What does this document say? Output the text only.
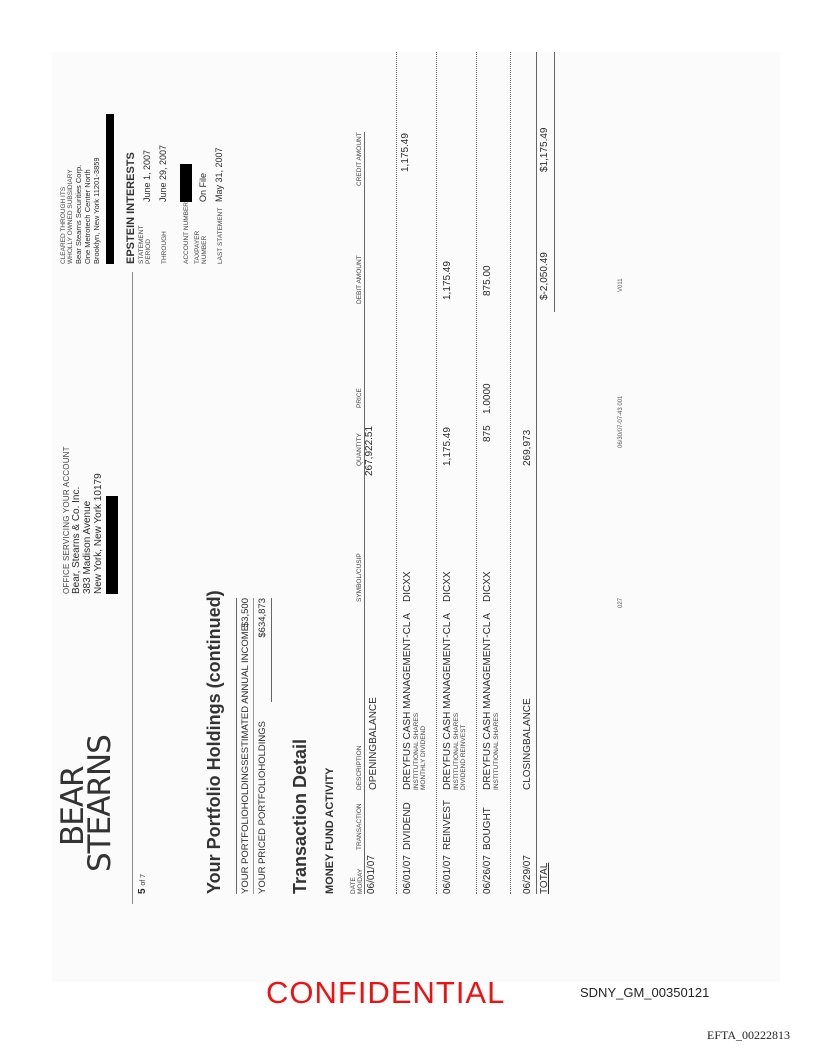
BEAR
STEARNS
OFFICE SERVICING YOUR ACCOUNT Bear, Stearns & Co. Inc. 383 Madison Avenue New York, New York 10179
CLEARED THROUGH ITS WHOLLY OWNED SUBSIDIARY Bear Stearns Securities Corp. One Metrotech Center North Brooklyn, New York 11201-3859 EPSTEIN INTERESTS
5 of 7
STATEMENT PERIODJune 1, 2007
THROUGHJune 29, 2007
ACCOUNT NUMBER TAXPAYER NUMBEROn File
LAST STATEMENTMay 31, 2007
Your Portfolio Holdings (continued) YOUR PORTFOLIOHOLDINGSESTIMATED ANNUAL INCOME
$3,500
YOUR PRICED PORTFOLIOHOLDINGS
$634,873
Transaction Detail MONEY FUND ACTIVITY DATE MO/DAY
TRANSACTION
DESCRIPTION
SYMBOL/CUSIP
QUANTITY
PRICE
DEBIT AMOUNT
CREDIT AMOUNT
06/01/07
OPENINGBALANCE
267,922.51
06/01/07
DIVIDEND
DREYFUS CASH MANAGEMENT-CL A INSTITUTIONAL SHARES MONTHLY DIVIDEND
DICXX
1,175.49
06/01/07
REINVEST
DREYFUS CASH MANAGEMENT-CL A INSTITUTIONAL SHARES DIVIDEND REINVEST
DICXX
1,175.49
1,175.49
06/26/07
BOUGHT
DREYFUS CASH MANAGEMENT-CL A INSTITUTIONAL SHARES
DICXX
875
1.0000
875.00
06/29/07
CLOSINGBALANCE
269,973
TOTAL
$-2,050.49
$1,175.49
027
06/30/07-07-43 001
V011
CONFIDENTIAL	SDNY_GM_00350121
EFTA_00222813
